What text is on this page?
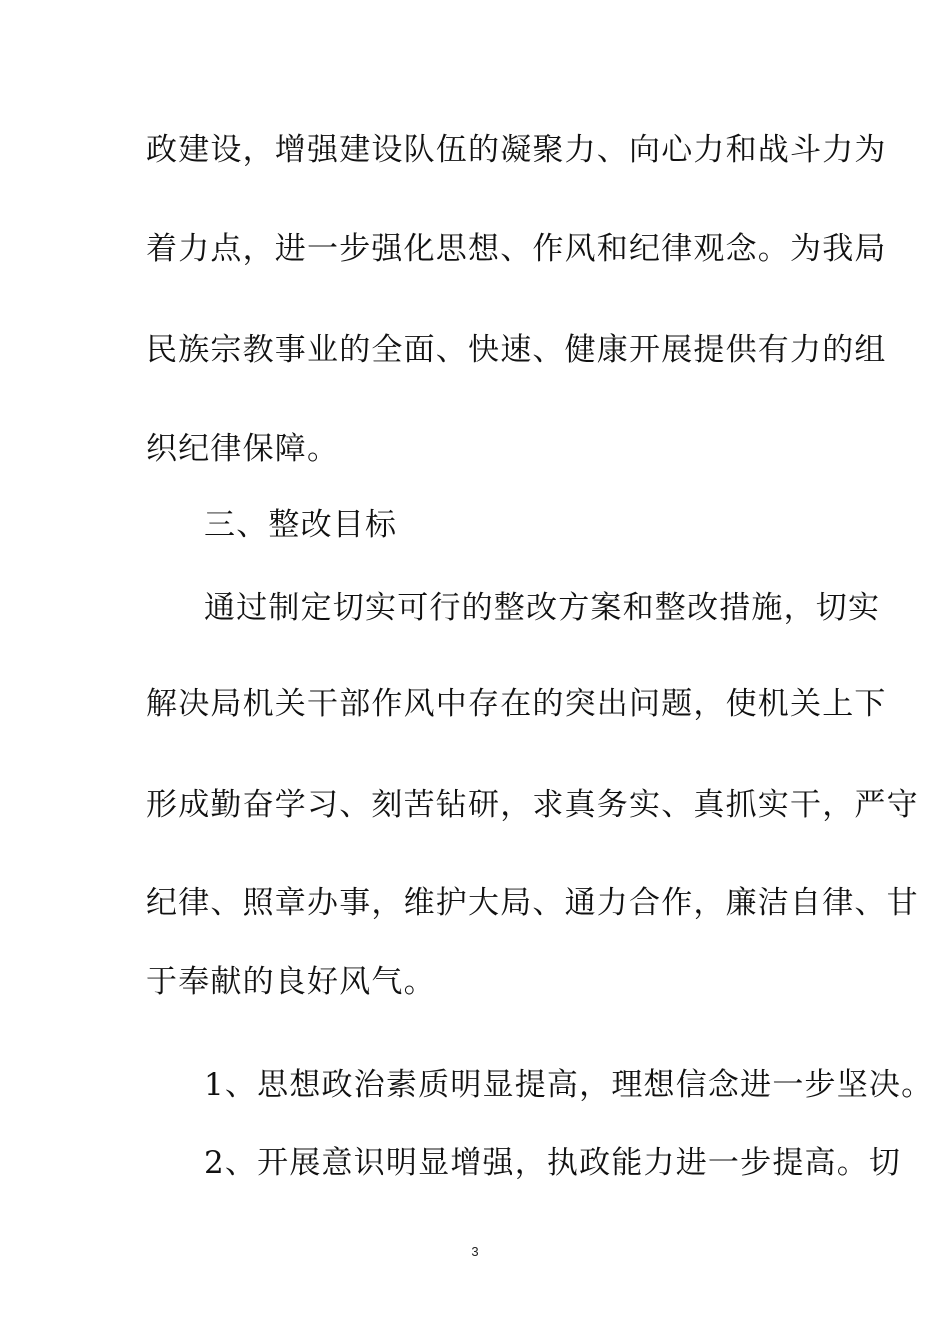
政建设，增强建设队伍的凝聚力、向心力和战斗力为
着力点，进一步强化思想、作风和纪律观念。为我局
民族宗教事业的全面、快速、健康开展提供有力的组
织纪律保障。
三、整改目标
通过制定切实可行的整改方案和整改措施，切实
解决局机关干部作风中存在的突出问题，使机关上下
形成勤奋学习、刻苦钻研，求真务实、真抓实干，严守
纪律、照章办事，维护大局、通力合作，廉洁自律、甘
于奉献的良好风气。
1、思想政治素质明显提高，理想信念进一步坚决。
2、开展意识明显增强，执政能力进一步提高。切
3
